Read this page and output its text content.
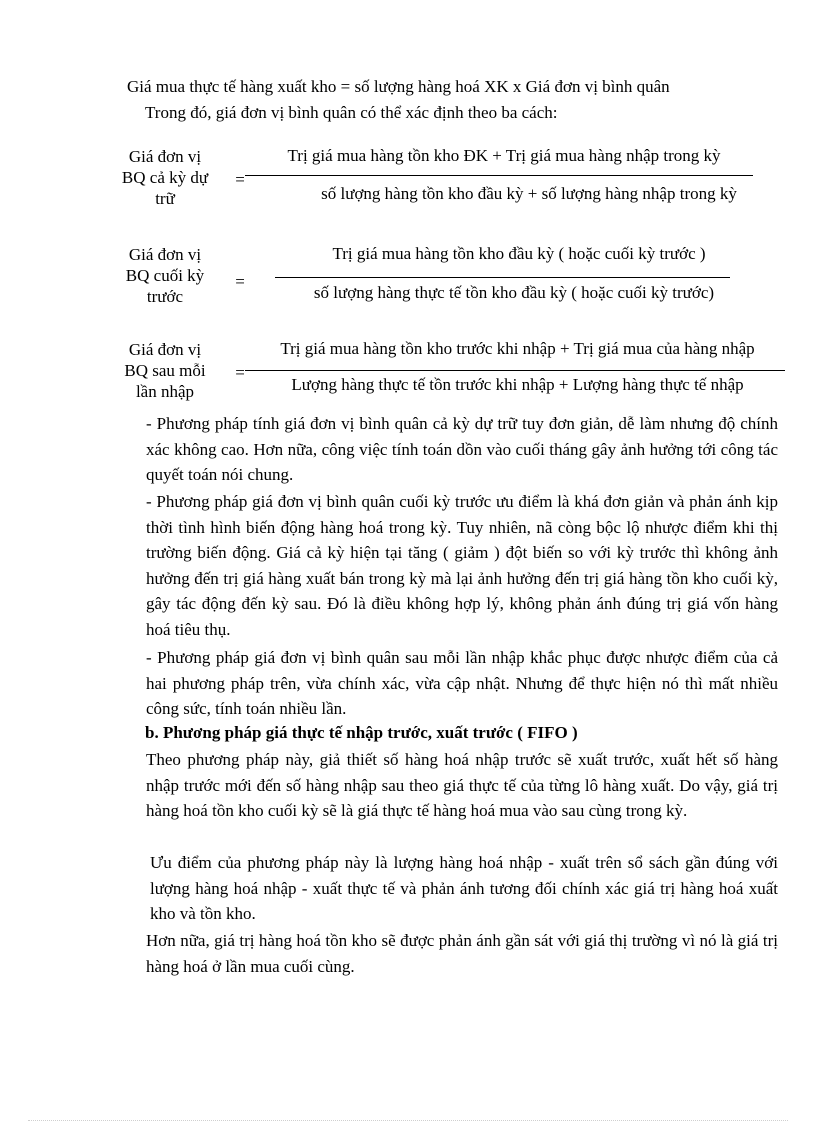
Giá mua thực tế hàng xuất kho = số lượng hàng hoá XK x Giá đơn vị bình quân
Trong đó, giá đơn vị bình quân có thể xác định theo ba cách:
Giá đơn vị
BQ cả kỳ dự
trữ
=
Trị giá mua hàng tồn kho ĐK + Trị giá mua hàng nhập trong kỳ
số lượng hàng tồn kho đầu kỳ + số lượng hàng nhập trong kỳ
Giá đơn vị
BQ cuối kỳ
trước
=
Trị giá mua hàng tồn kho đầu kỳ ( hoặc cuối kỳ trước )
số lượng hàng thực tế tồn kho đầu kỳ ( hoặc cuối kỳ trước)
Giá đơn vị
BQ sau mỗi
lần nhập
=
Trị giá mua hàng tồn kho trước khi nhập + Trị giá mua của hàng nhập
Lượng hàng thực tế tồn trước khi nhập + Lượng hàng thực tế nhập
- Phương pháp tính giá đơn vị bình quân cả kỳ dự trữ tuy đơn giản, dễ làm nhưng độ chính xác không cao. Hơn nữa, công việc tính toán dồn vào cuối tháng gây ảnh hưởng tới công tác quyết toán nói chung.
- Phương pháp giá đơn vị bình quân cuối kỳ trước ưu điểm là khá đơn giản và phản ánh kịp thời tình hình biến động hàng hoá trong kỳ. Tuy nhiên, nã còng bộc lộ nhược điểm khi thị trường biến động. Giá cả kỳ hiện tại tăng ( giảm ) đột biến so với kỳ trước thì không ảnh hưởng đến trị giá hàng xuất bán trong kỳ mà lại ảnh hưởng đến trị giá hàng tồn kho cuối kỳ, gây tác động đến kỳ sau. Đó là điều không hợp lý, không phản ánh đúng trị giá vốn hàng hoá tiêu thụ.
- Phương pháp giá đơn vị bình quân sau mỗi lần nhập khắc phục được nhược điểm của cả hai phương pháp trên, vừa chính xác, vừa cập nhật. Nhưng để thực hiện nó thì mất nhiều công sức, tính toán nhiều lần.
b. Phương pháp giá thực tế nhập trước, xuất trước ( FIFO )
Theo phương pháp này, giả thiết số hàng hoá nhập trước sẽ xuất trước, xuất hết số hàng nhập trước mới đến số hàng nhập sau theo giá thực tế của từng lô hàng xuất. Do vậy, giá trị hàng hoá tồn kho cuối kỳ sẽ là giá thực tế hàng hoá mua vào sau cùng trong kỳ.
Ưu điểm của phương pháp này là lượng hàng hoá nhập - xuất trên sổ sách gần đúng với lượng hàng hoá nhập - xuất thực tế và phản ánh tương đối chính xác giá trị hàng hoá xuất kho và tồn kho.
Hơn nữa, giá trị hàng hoá tồn kho sẽ được phản ánh gần sát với giá thị trường vì nó là giá trị hàng hoá ở lần mua cuối cùng.
